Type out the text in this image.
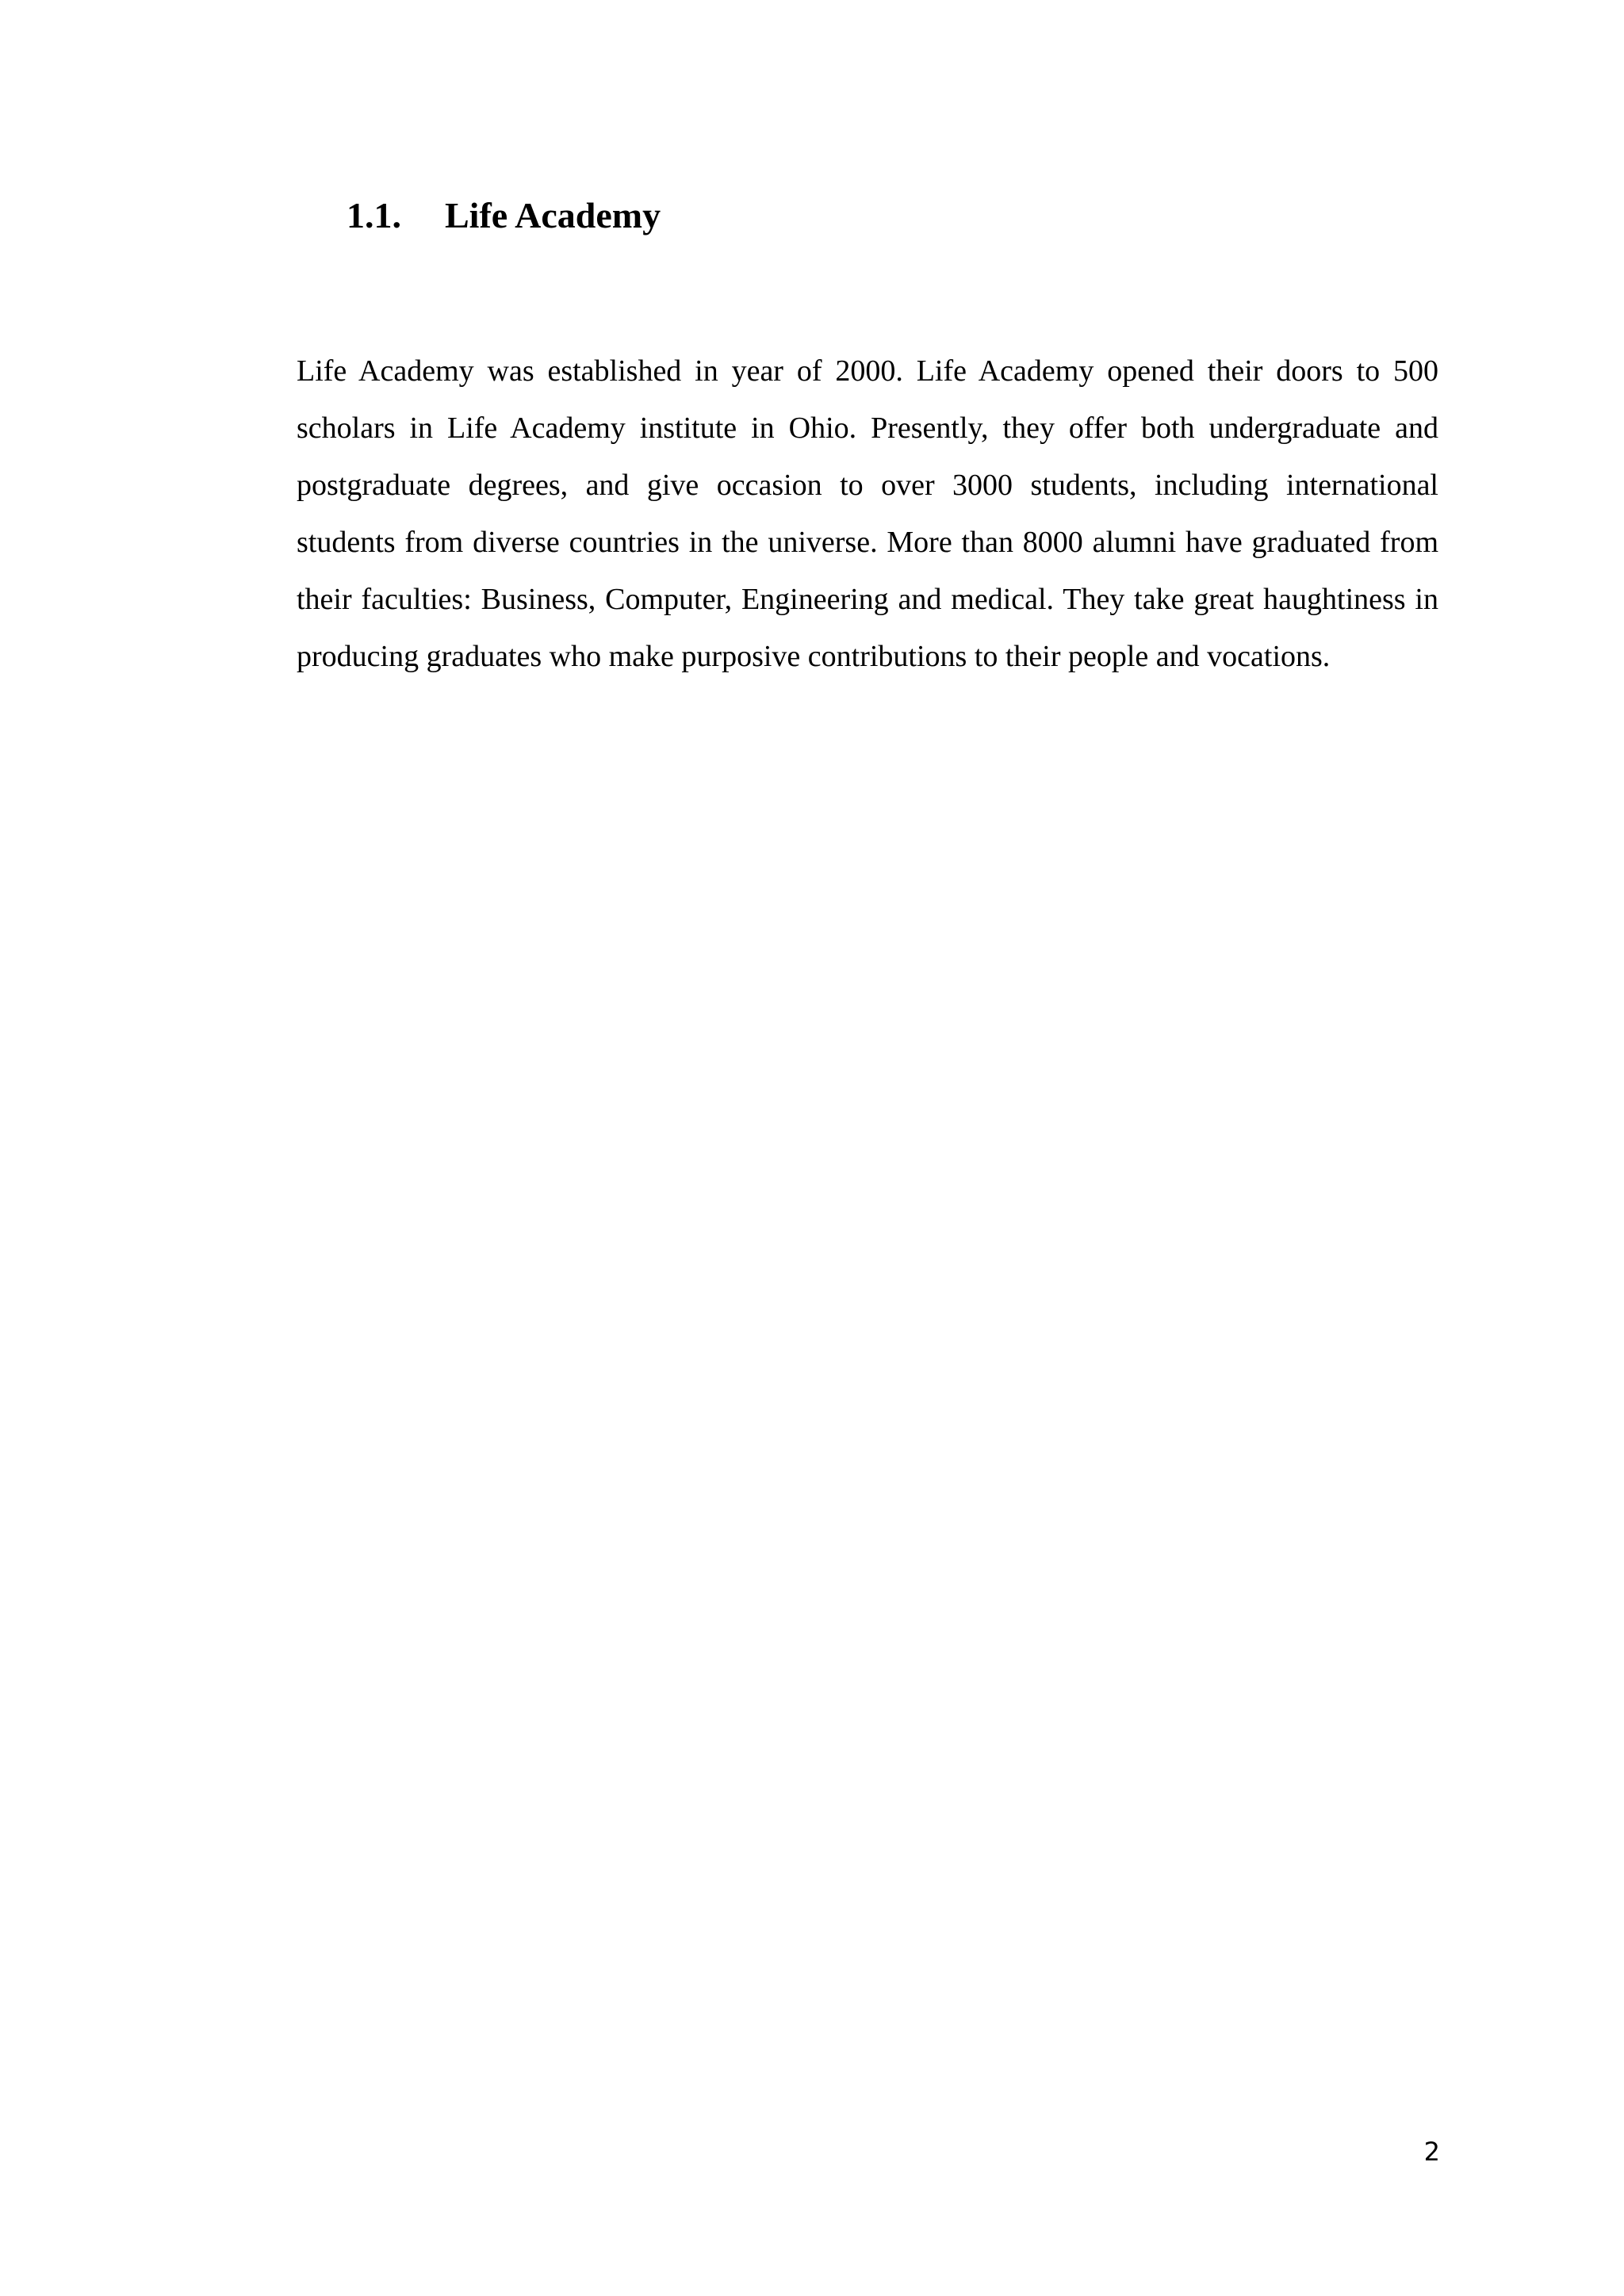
1.1. Life Academy

Life Academy was established in year of 2000. Life Academy opened their doors to 500 scholars in Life Academy institute in Ohio. Presently, they offer both undergraduate and postgraduate degrees, and give occasion to over 3000 students, including international students from diverse countries in the universe. More than 8000 alumni have graduated from their faculties: Business, Computer, Engineering and medical. They take great haughtiness in producing graduates who make purposive contributions to their people and vocations.

2
